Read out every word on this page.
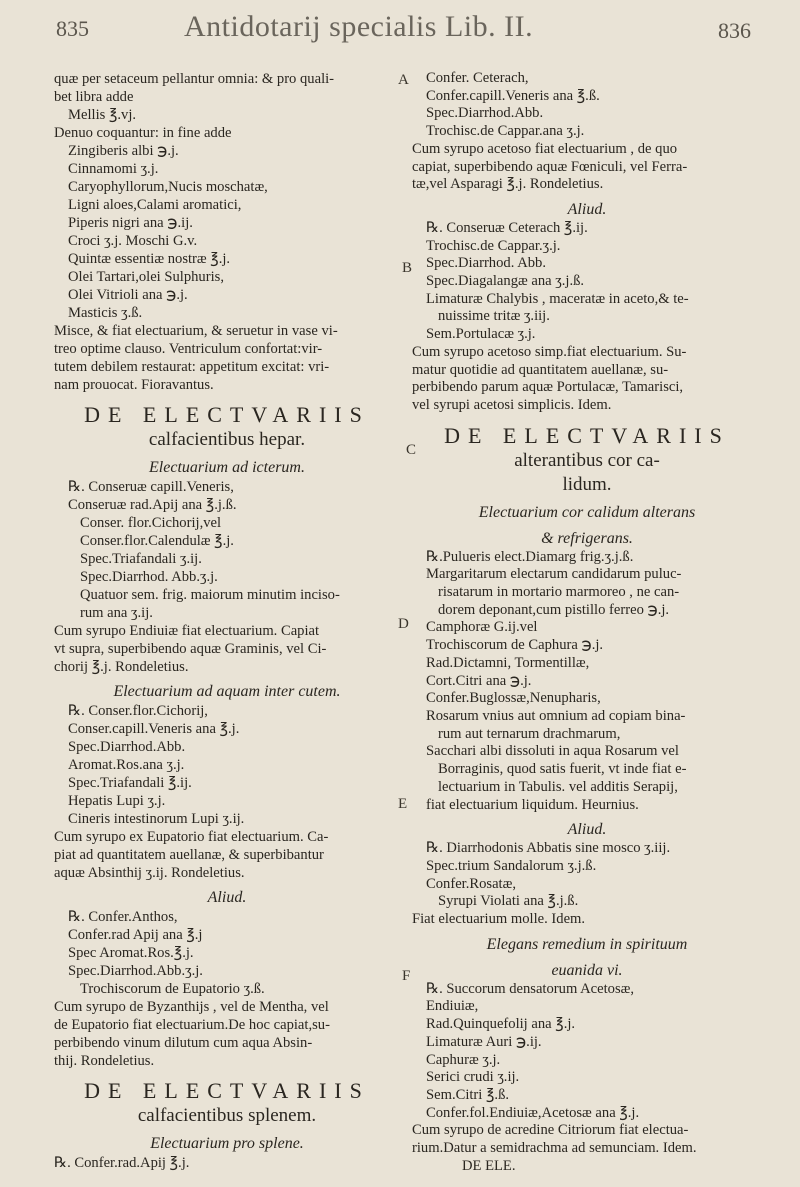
835	Antidotarij specialis Lib. II.	836
A
B
C
D
E
F
quæ per setaceum pellantur omnia: & pro quali-
bet libra adde
Mellis ℥.vj.
Denuo coquantur: in fine adde
Zingiberis albi ℈.j.
Cinnamomi ʒ.j.
Caryophyllorum,Nucis moschatæ,
Ligni aloes,Calami aromatici,
Piperis nigri ana ℈.ij.
Croci ʒ.j. Moschi G.v.
Quintæ essentiæ nostræ ℥.j.
Olei Tartari,olei Sulphuris,
Olei Vitrioli ana ℈.j.
Masticis ʒ.ß.
Misce, & fiat electuarium, & seruetur in vase vi-
treo optime clauso. Ventriculum confortat:vir-
tutem debilem restaurat: appetitum excitat: vri-
nam prouocat. Fioravantus.
DE ELECTVARIIS
calfacientibus hepar.
Electuarium ad icterum.
℞. Conseruæ capill.Veneris,
Conseruæ rad.Apij ana ℥.j.ß.
Conser. flor.Cichorij,vel
Conser.flor.Calendulæ ℥.j.
Spec.Triafandali ʒ.ij.
Spec.Diarrhod. Abb.ʒ.j.
Quatuor sem. frig. maiorum minutim inciso-
rum ana ʒ.ij.
Cum syrupo Endiuiæ fiat electuarium. Capiat
vt supra, superbibendo aquæ Graminis, vel Ci-
chorij ℥.j. Rondeletius.
Electuarium ad aquam inter cutem.
℞. Conser.flor.Cichorij,
Conser.capill.Veneris ana ℥.j.
Spec.Diarrhod.Abb.
Aromat.Ros.ana ʒ.j.
Spec.Triafandali ℥.ij.
Hepatis Lupi ʒ.j.
Cineris intestinorum Lupi ʒ.ij.
Cum syrupo ex Eupatorio fiat electuarium. Ca-
piat ad quantitatem auellanæ, & superbibantur
aquæ Absinthij ʒ.ij. Rondeletius.
Aliud.
℞. Confer.Anthos,
Confer.rad Apij ana ℥.j
Spec Aromat.Ros.℥.j.
Spec.Diarrhod.Abb.ʒ.j.
Trochiscorum de Eupatorio ʒ.ß.
Cum syrupo de Byzanthijs , vel de Mentha, vel
de Eupatorio fiat electuarium.De hoc capiat,su-
perbibendo vinum dilutum cum aqua Absin-
thij. Rondeletius.
DE ELECTVARIIS
calfacientibus splenem.
Electuarium pro splene.
℞. Confer.rad.Apij ℥.j.
Confer. Ceterach,
Confer.capill.Veneris ana ℥.ß.
Spec.Diarrhod.Abb.
Trochisc.de Cappar.ana ʒ.j.
Cum syrupo acetoso fiat electuarium , de quo
capiat, superbibendo aquæ Fœniculi, vel Ferra-
tæ,vel Asparagi ℥.j. Rondeletius.
Aliud.
℞. Conseruæ Ceterach ℥.ij.
Trochisc.de Cappar.ʒ.j.
Spec.Diarrhod. Abb.
Spec.Diagalangæ ana ʒ.j.ß.
Limaturæ Chalybis , maceratæ in aceto,& te-
nuissime tritæ ʒ.iij.
Sem.Portulacæ ʒ.j.
Cum syrupo acetoso simp.fiat electuarium. Su-
matur quotidie ad quantitatem auellanæ, su-
perbibendo parum aquæ Portulacæ, Tamarisci,
vel syrupi acetosi simplicis. Idem.
DE ELECTVARIIS
alterantibus cor ca-
lidum.
Electuarium cor calidum alterans
& refrigerans.
℞.Pulueris elect.Diamarg frig.ʒ.j.ß.
Margaritarum electarum candidarum puluc-
risatarum in mortario marmoreo , ne can-
dorem deponant,cum pistillo ferreo ℈.j.
Camphoræ G.ij.vel
Trochiscorum de Caphura ℈.j.
Rad.Dictamni, Tormentillæ,
Cort.Citri ana ℈.j.
Confer.Buglossæ,Nenupharis,
Rosarum vnius aut omnium ad copiam bina-
rum aut ternarum drachmarum,
Sacchari albi dissoluti in aqua Rosarum vel
Borraginis, quod satis fuerit, vt inde fiat e-
lectuarium in Tabulis. vel additis Serapij,
fiat electuarium liquidum. Heurnius.
Aliud.
℞. Diarrhodonis Abbatis sine mosco ʒ.iij.
Spec.trium Sandalorum ʒ.j.ß.
Confer.Rosatæ,
Syrupi Violati ana ℥.j.ß.
Fiat electuarium molle. Idem.
Elegans remedium in spirituum
euanida vi.
℞. Succorum densatorum Acetosæ,
Endiuiæ,
Rad.Quinquefolij ana ℥.j.
Limaturæ Auri ℈.ij.
Caphuræ ʒ.j.
Serici crudi ʒ.ij.
Sem.Citri ℥.ß.
Confer.fol.Endiuiæ,Acetosæ ana ℥.j.
Cum syrupo de acredine Citriorum fiat electua-
rium.Datur a semidrachma ad semunciam. Idem.
DE ELE.
